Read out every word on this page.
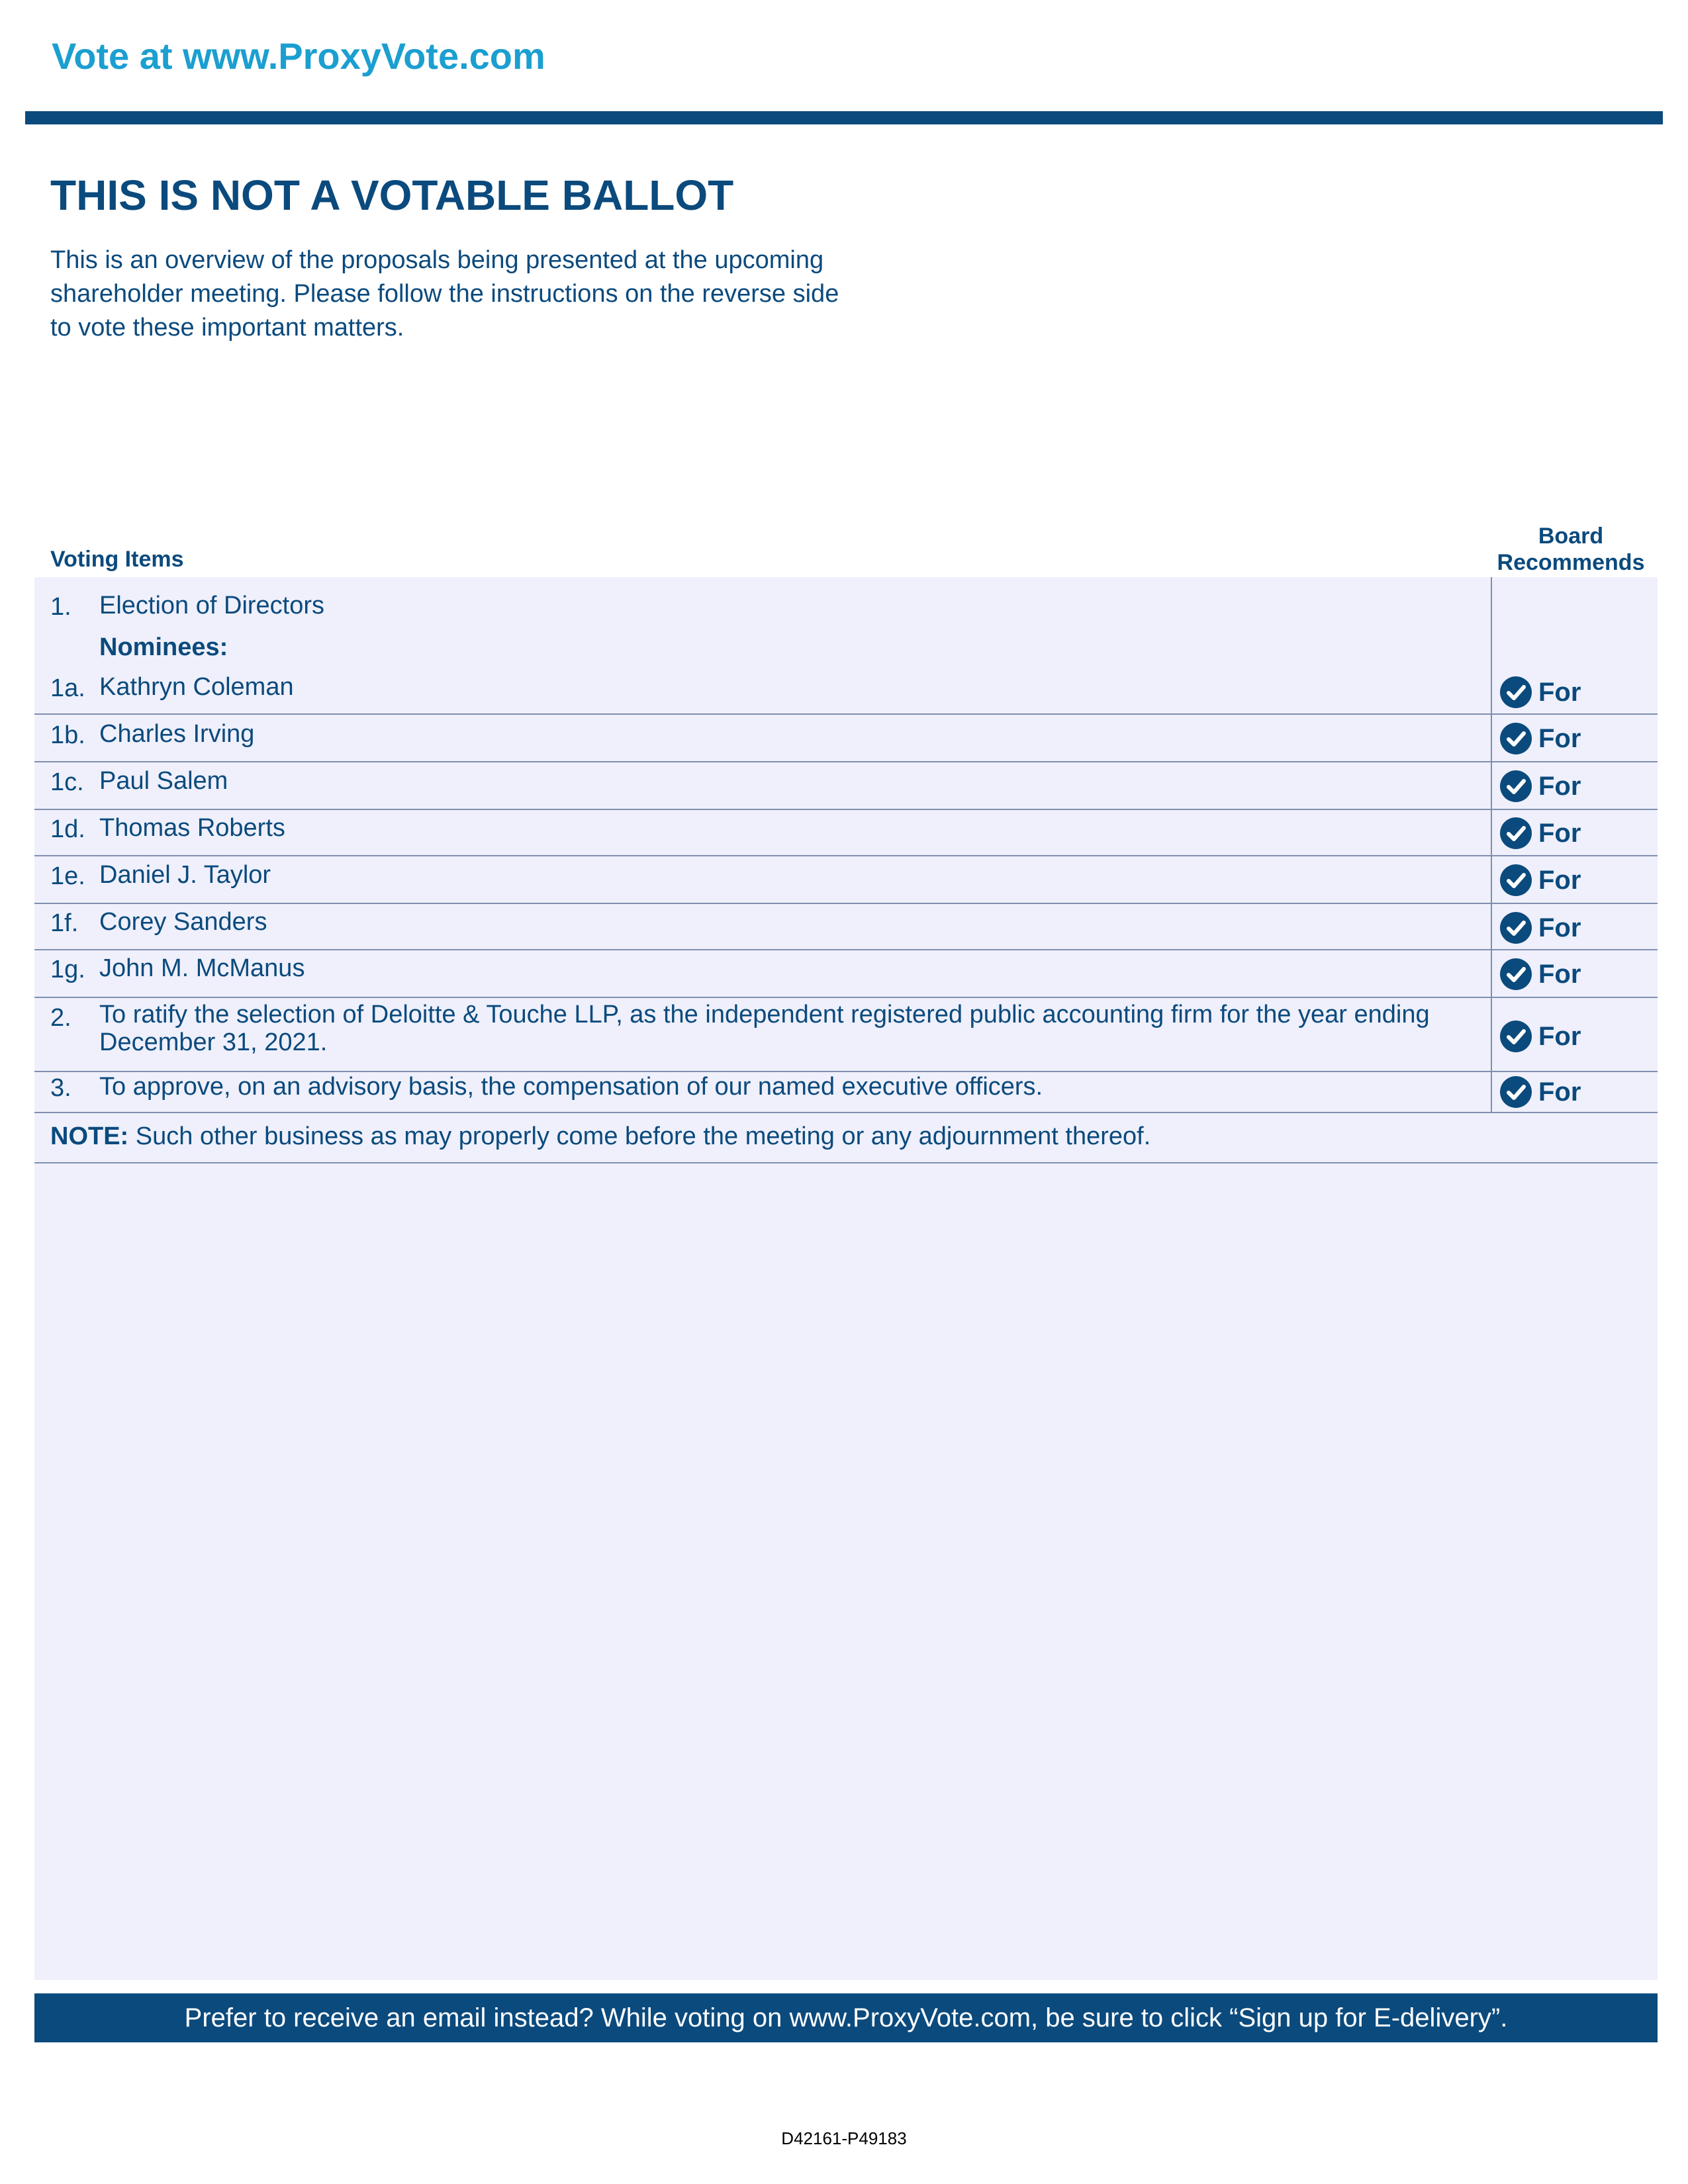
Vote at www.ProxyVote.com
THIS IS NOT A VOTABLE BALLOT

This is an overview of the proposals being presented at the upcoming shareholder meeting. Please follow the instructions on the reverse side to vote these important matters.

Voting Items
Board Recommends
1. Election of Directors
Nominees:
1a. Kathryn Coleman	For
1b. Charles Irving	For
1c. Paul Salem	For
1d. Thomas Roberts	For
1e. Daniel J. Taylor	For
1f. Corey Sanders	For
1g. John M. McManus	For
2. To ratify the selection of Deloitte & Touche LLP, as the independent registered public accounting firm for the year ending December 31, 2021.	For
3. To approve, on an advisory basis, the compensation of our named executive officers.	For
NOTE: Such other business as may properly come before the meeting or any adjournment thereof.
Prefer to receive an email instead? While voting on www.ProxyVote.com, be sure to click “Sign up for E-delivery”.
D42161-P49183
